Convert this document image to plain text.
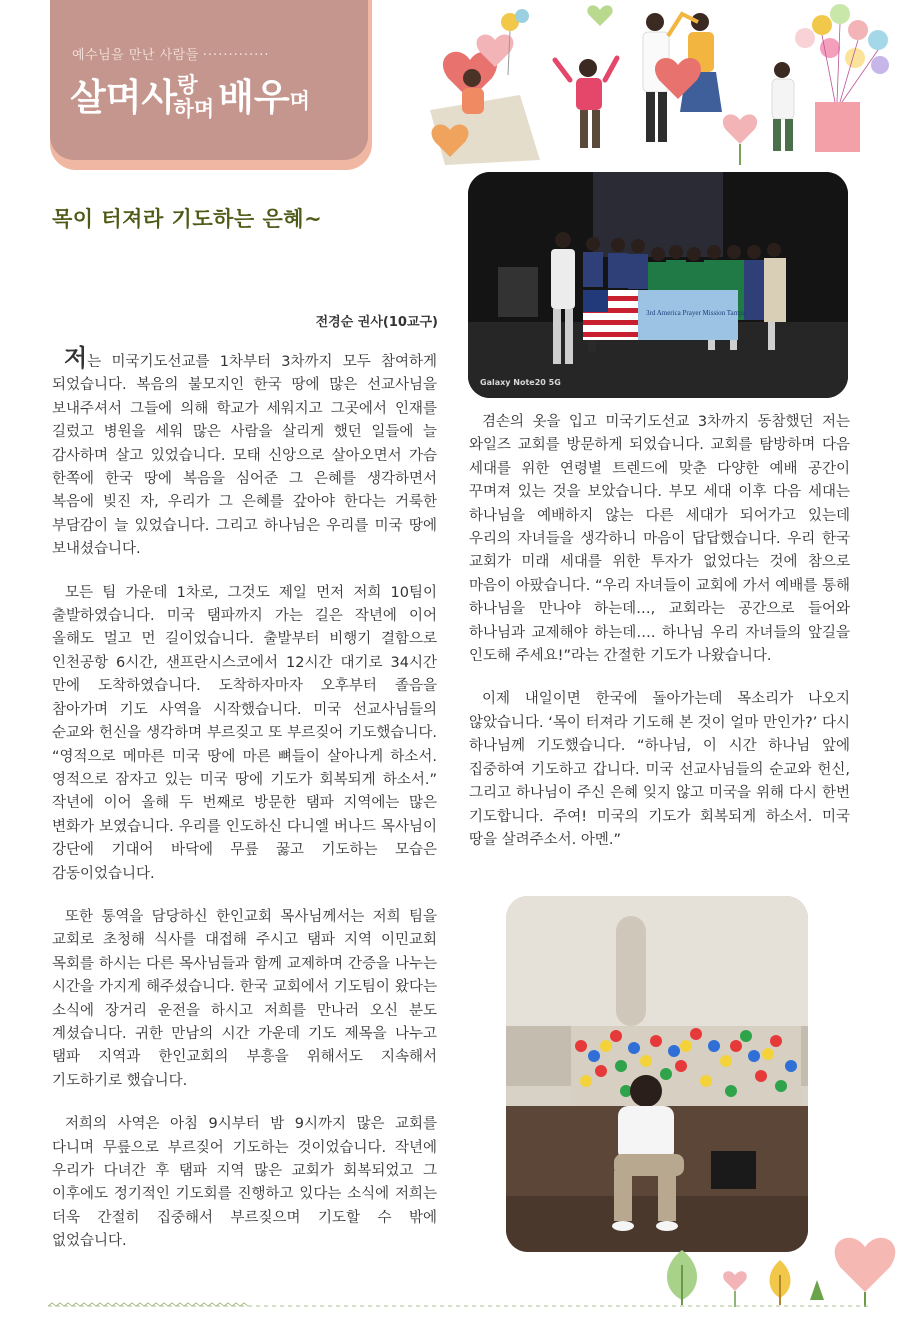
예수님을 만난 사람들 ·············
살며사랑하며 배우며
목이 터져라 기도하는 은혜~
전경순 권사(10교구)

저는 미국기도선교를 1차부터 3차까지 모두 참여하게 되었습니다. 복음의 불모지인 한국 땅에 많은 선교사님을 보내주셔서 그들에 의해 학교가 세워지고 그곳에서 인재를 길렀고 병원을 세워 많은 사람을 살리게 했던 일들에 늘 감사하며 살고 있었습니다. 모태 신앙으로 살아오면서 가슴 한쪽에 한국 땅에 복음을 심어준 그 은혜를 생각하면서 복음에 빚진 자, 우리가 그 은혜를 갚아야 한다는 거룩한 부담감이 늘 있었습니다. 그리고 하나님은 우리를 미국 땅에 보내셨습니다.

모든 팀 가운데 1차로, 그것도 제일 먼저 저희 10팀이 출발하였습니다. 미국 탬파까지 가는 길은 작년에 이어 올해도 멀고 먼 길이었습니다. 출발부터 비행기 결함으로 인천공항 6시간, 샌프란시스코에서 12시간 대기로 34시간 만에 도착하였습니다. 도착하자마자 오후부터 졸음을 참아가며 기도 사역을 시작했습니다. 미국 선교사님들의 순교와 헌신을 생각하며 부르짖고 또 부르짖어 기도했습니다. “영적으로 메마른 미국 땅에 마른 뼈들이 살아나게 하소서. 영적으로 잠자고 있는 미국 땅에 기도가 회복되게 하소서.” 작년에 이어 올해 두 번째로 방문한 탬파 지역에는 많은 변화가 보였습니다. 우리를 인도하신 다니엘 버나드 목사님이 강단에 기대어 바닥에 무릎 꿇고 기도하는 모습은 감동이었습니다.

또한 통역을 담당하신 한인교회 목사님께서는 저희 팀을 교회로 초청해 식사를 대접해 주시고 탬파 지역 이민교회 목회를 하시는 다른 목사님들과 함께 교제하며 간증을 나누는 시간을 가지게 해주셨습니다. 한국 교회에서 기도팀이 왔다는 소식에 장거리 운전을 하시고 저희를 만나러 오신 분도 계셨습니다. 귀한 만남의 시간 가운데 기도 제목을 나누고 탬파 지역과 한인교회의 부흥을 위해서도 지속해서 기도하기로 했습니다.

저희의 사역은 아침 9시부터 밤 9시까지 많은 교회를 다니며 무릎으로 부르짖어 기도하는 것이었습니다. 작년에 우리가 다녀간 후 탬파 지역 많은 교회가 회복되었고 그 이후에도 정기적인 기도회를 진행하고 있다는 소식에 저희는 더욱 간절히 집중해서 부르짖으며 기도할 수 밖에 없었습니다.

3rd America Prayer Mission Tampa
Galaxy Note20 5G

겸손의 옷을 입고 미국기도선교 3차까지 동참했던 저는 와일즈 교회를 방문하게 되었습니다. 교회를 탐방하며 다음 세대를 위한 연령별 트렌드에 맞춘 다양한 예배 공간이 꾸며져 있는 것을 보았습니다. 부모 세대 이후 다음 세대는 하나님을 예배하지 않는 다른 세대가 되어가고 있는데 우리의 자녀들을 생각하니 마음이 답답했습니다. 우리 한국 교회가 미래 세대를 위한 투자가 없었다는 것에 참으로 마음이 아팠습니다. “우리 자녀들이 교회에 가서 예배를 통해 하나님을 만나야 하는데…, 교회라는 공간으로 들어와 하나님과 교제해야 하는데…. 하나님 우리 자녀들의 앞길을 인도해 주세요!”라는 간절한 기도가 나왔습니다.

이제 내일이면 한국에 돌아가는데 목소리가 나오지 않았습니다. ‘목이 터져라 기도해 본 것이 얼마 만인가?’ 다시 하나님께 기도했습니다. “하나님, 이 시간 하나님 앞에 집중하여 기도하고 갑니다. 미국 선교사님들의 순교와 헌신, 그리고 하나님이 주신 은혜 잊지 않고 미국을 위해 다시 한번 기도합니다. 주여! 미국의 기도가 회복되게 하소서. 미국 땅을 살려주소서. 아멘.”
